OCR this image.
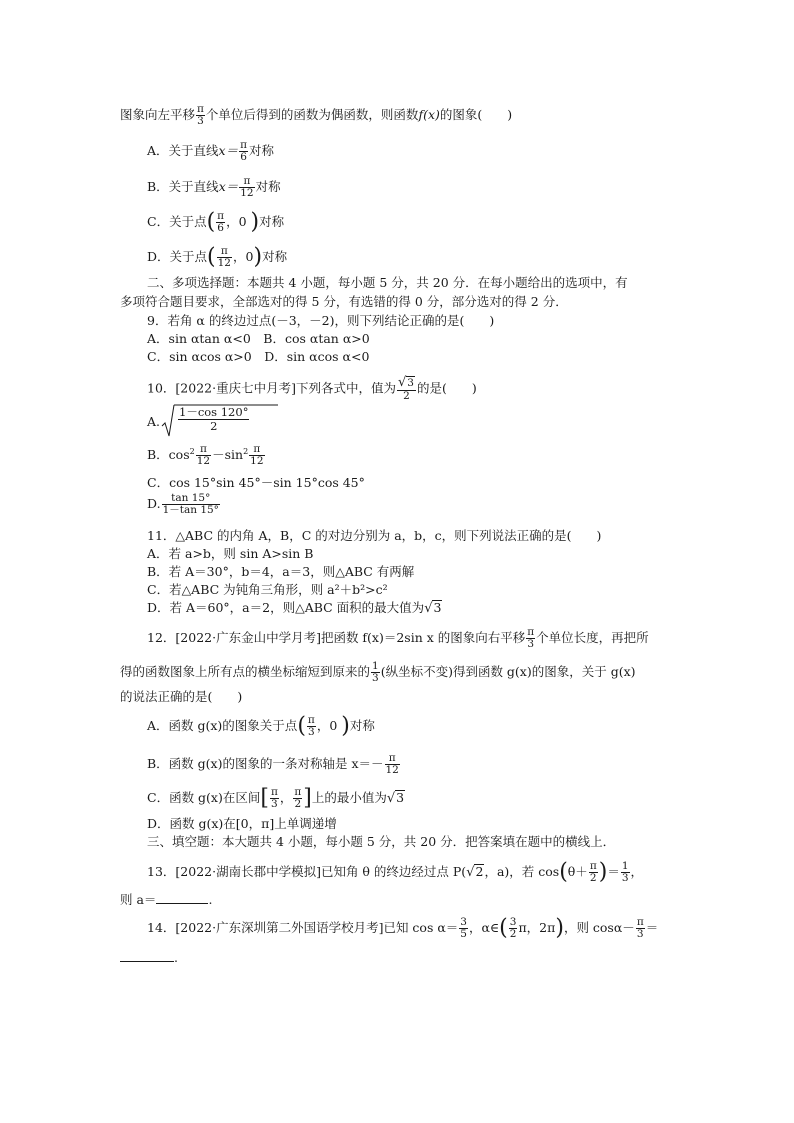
图象向左平移 $\frac{\pi}{3}$ 个单位后得到的函数为偶函数，则函数f(x)的图象(　　)
A．关于直线$x= \frac{\pi}{6}$ 对称
B．关于直线$x= \frac{\pi}{12}$ 对称
C．关于点( $\frac{\pi}{6}$ ，0 )对称
D．关于点( $\frac{\pi}{12}$ ，0)对称
二、多项选择题：本题共 4 小题，每小题 5 分，共 20 分．在每小题给出的选项中，有
多项符合题目要求，全部选对的得 5 分，有选错的得 0 分，部分选对的得 2 分．
9．若角 α 的终边过点(－3，－2)，则下列结论正确的是(　　)
A．sin αtan α<0　B．cos αtan α>0
C．sin αcos α>0　D．sin αcos α<0
10．[2022·重庆七中月考]下列各式中，值为 $\frac{√3}{2}$ 的是(　　)
A. $\frac{1-\cos 120^\circ}{2}$
B．$\cos^2 \frac{\pi}{12} -\sin^2 \frac{\pi}{12}$
C．cos 15°sin 45°－sin 15°cos 45°
D. $\frac{\tan 15^\circ}{1-\tan 15^\circ}$
11．△ABC 的内角 A，B，C 的对边分别为 a，b，c，则下列说法正确的是(　　)
A．若 a>b，则 sin A>sin B
B．若 A＝30°，b＝4，a＝3，则△ABC 有两解
C．若△ABC 为钝角三角形，则 a²＋b²>c²
D．若 A＝60°，a＝2，则△ABC 面积的最大值为√3
12．[2022·广东金山中学月考]把函数 f(x)＝2sin x 的图象向右平移 $\frac{\pi}{3}$ 个单位长度，再把所
得的函数图象上所有点的横坐标缩短到原来的 $\frac{1}{3}$ (纵坐标不变)得到函数 g(x)的图象，关于 g(x)
的说法正确的是(　　)
A．函数 g(x)的图象关于点( $\frac{\pi}{3}$ ，0 )对称
B．函数 g(x)的图象的一条对称轴是 $x=- \frac{\pi}{12}$
C．函数 g(x)在区间[ $\frac{\pi}{3}$ ， $\frac{\pi}{2}$ ]上的最小值为√3
D．函数 g(x)在[0，π]上单调递增
三、填空题：本大题共 4 小题，每小题 5 分，共 20 分．把答案填在题中的横线上．
13．[2022·湖南长郡中学模拟]已知角 θ 的终边经过点 P(√2，a)，若 $\cos(\theta+ \frac{\pi}{2}$ )＝ $\frac{1}{3}$ ，
则 a＝	.
14．[2022·广东深圳第二外国语学校月考]已知 $\cos \alpha= \frac{3}{5}$ ，α∈( $\frac{3}{2}$ π，2π)，则 $\cos\alpha- \frac{\pi}{3}$ ＝
.
